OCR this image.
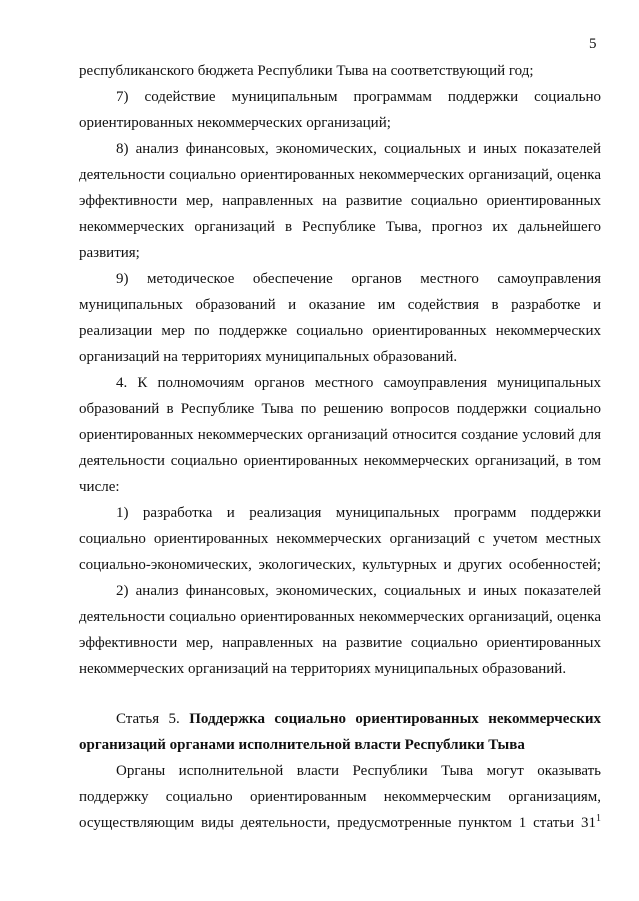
5
республиканского бюджета Республики Тыва на соответствующий год;
7) содействие муниципальным программам поддержки социально
ориентированных некоммерческих организаций;
8) анализ финансовых, экономических, социальных и иных показателей
деятельности социально ориентированных некоммерческих организаций, оценка
эффективности мер, направленных на развитие социально ориентированных
некоммерческих организаций в Республике Тыва, прогноз их дальнейшего
развития;
9) методическое обеспечение органов местного самоуправления
муниципальных образований и оказание им содействия в разработке и
реализации мер по поддержке социально ориентированных некоммерческих
организаций на территориях муниципальных образований.
4. К полномочиям органов местного самоуправления муниципальных
образований в Республике Тыва по решению вопросов поддержки социально
ориентированных некоммерческих организаций относится создание условий для
деятельности социально ориентированных некоммерческих организаций, в том
числе:
1) разработка и реализация муниципальных программ поддержки
социально ориентированных некоммерческих организаций с учетом местных
социально-экономических, экологических, культурных и других особенностей;
2) анализ финансовых, экономических, социальных и иных показателей
деятельности социально ориентированных некоммерческих организаций, оценка
эффективности мер, направленных на развитие социально ориентированных
некоммерческих организаций на территориях муниципальных образований.
Статья 5. Поддержка социально ориентированных некоммерческих
организаций органами исполнительной власти Республики Тыва
Органы исполнительной власти Республики Тыва могут оказывать
поддержку социально ориентированным некоммерческим организациям,
осуществляющим виды деятельности, предусмотренные пунктом 1 статьи $31^1$
